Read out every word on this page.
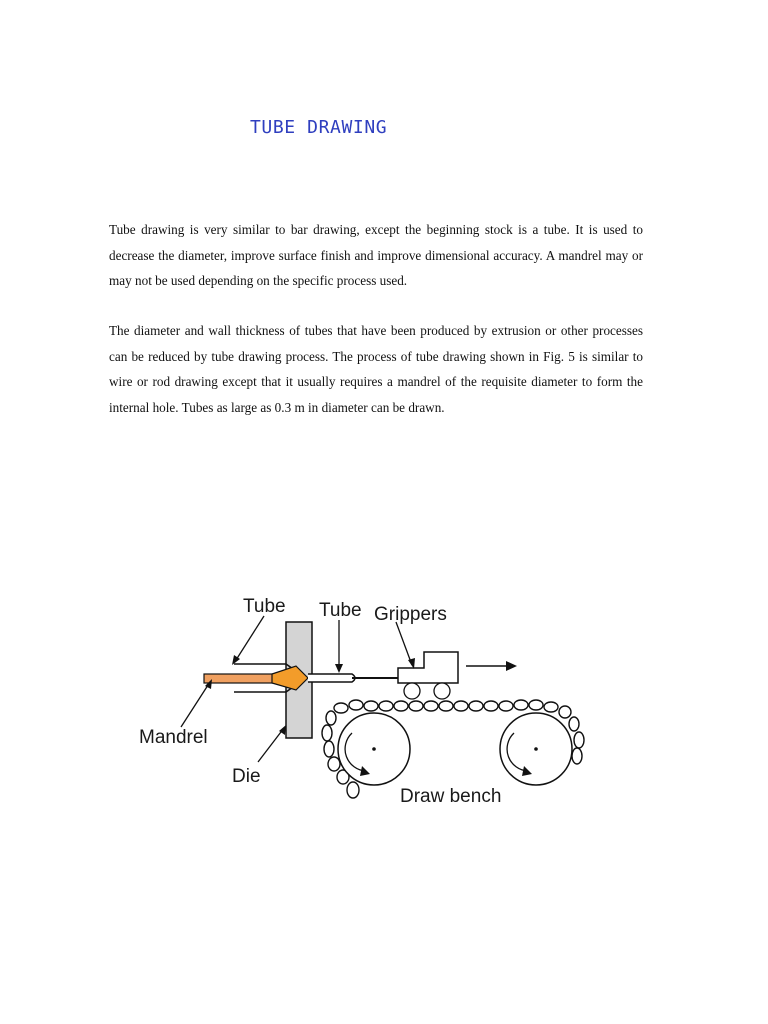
TUBE DRAWING

Tube drawing is very similar to bar drawing, except the beginning stock is a tube. It is used to decrease the diameter, improve surface finish and improve dimensional accuracy. A mandrel may or may not be used depending on the specific process used.

The diameter and wall thickness of tubes that have been produced by extrusion or other processes can be reduced by tube drawing process. The process of tube drawing shown in Fig. 5 is similar to wire or rod drawing except that it usually requires a mandrel of the requisite diameter to form the internal hole. Tubes as large as 0.3 m in diameter can be drawn.

Tube Tube Grippers
Mandrel
Die
Draw bench
